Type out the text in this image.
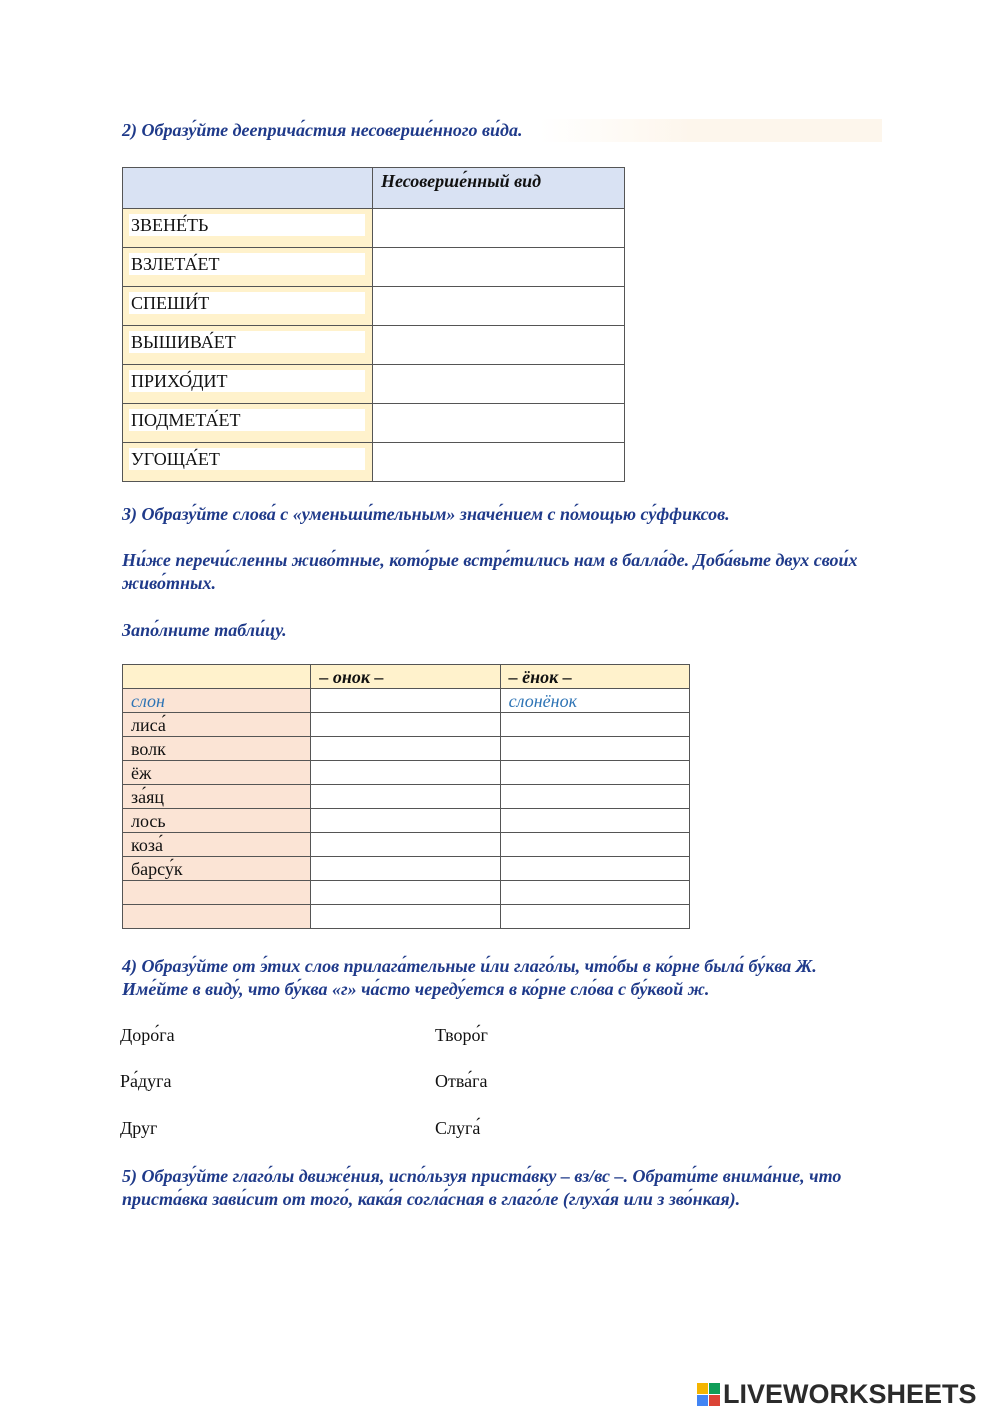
2) Образу́йте дееприча́стия несоверше́нного ви́да.
	Несоверше́нный вид
ЗВЕНЕ́ТЬ	
ВЗЛЕТА́ЕТ	
СПЕШИ́Т	
ВЫШИВА́ЕТ	
ПРИХО́ДИТ	
ПОДМЕТА́ЕТ	
УГОЩА́ЕТ	
3) Образу́йте слова́ с «уменьши́тельным» значе́нием с по́мощью су́ффиксов.
Ни́же перечи́сленны живо́тные, кото́рые встре́тились нам в балла́де. Доба́вьте двух свои́х живо́тных.
Запо́лните табли́цу.
	– онок –	– ёнок –
слон		слонёнок
лиса́		
волк		
ёж		
за́яц		
лось		
коза́		
барсу́к		

4) Образу́йте от э́тих слов прилага́тельные и́ли глаго́лы, что́бы в ко́рне была́ бу́ква Ж. Име́йте в виду́, что бу́ква «г» ча́сто череду́ется в ко́рне сло́ва с бу́квой ж.
Доро́га
Ра́дуга
Друг
Творо́г
Отва́га
Слуга́
5) Образу́йте глаго́лы движе́ния, испо́льзуя приста́вку – вз/вс –. Обрати́те внима́ние, что приста́вка зави́сит от того́, кака́я согла́сная в глаго́ле (глуха́я или з зво́нкая).
LIVEWORKSHEETS
